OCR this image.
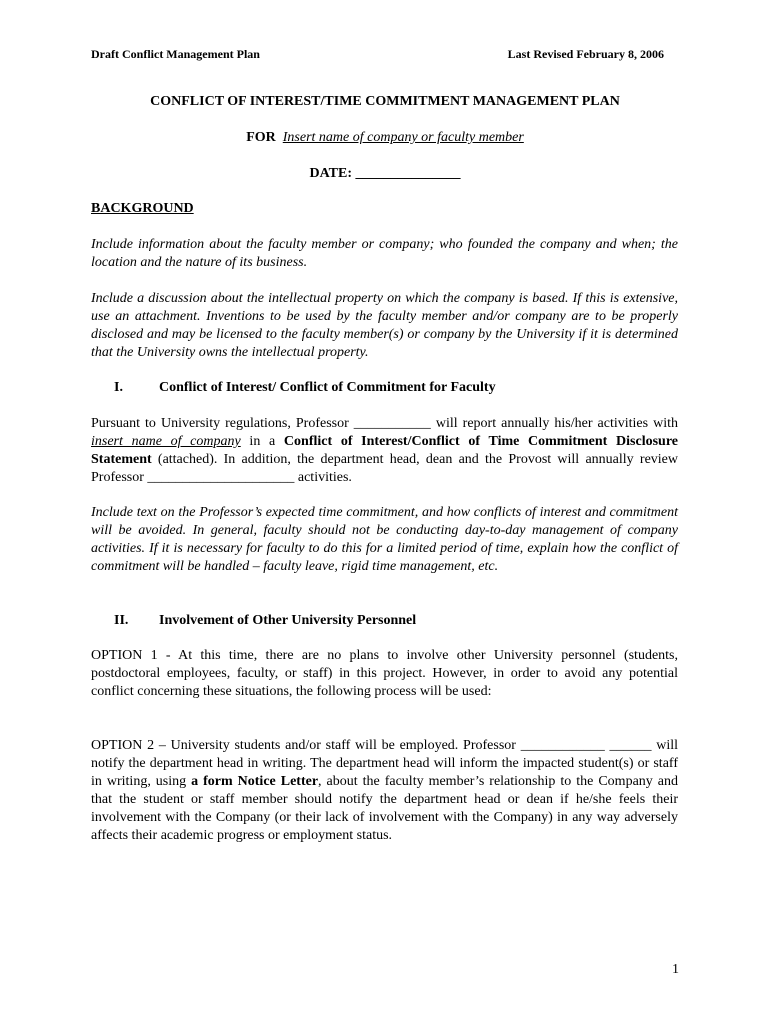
Draft Conflict Management Plan	Last Revised February 8, 2006
CONFLICT OF INTEREST/TIME COMMITMENT MANAGEMENT PLAN
FOR Insert name of company or faculty member
DATE: _______________
BACKGROUND
Include information about the faculty member or company; who founded the company and when; the location and the nature of its business.
Include a discussion about the intellectual property on which the company is based. If this is extensive, use an attachment. Inventions to be used by the faculty member and/or company are to be properly disclosed and may be licensed to the faculty member(s) or company by the University if it is determined that the University owns the intellectual property.
I.	Conflict of Interest/ Conflict of Commitment for Faculty
Pursuant to University regulations, Professor ___________ will report annually his/her activities with insert name of company in a Conflict of Interest/Conflict of Time Commitment Disclosure Statement (attached). In addition, the department head, dean and the Provost will annually review Professor _____________________ activities.
Include text on the Professor’s expected time commitment, and how conflicts of interest and commitment will be avoided. In general, faculty should not be conducting day-to-day management of company activities. If it is necessary for faculty to do this for a limited period of time, explain how the conflict of commitment will be handled – faculty leave, rigid time management, etc.
II. Involvement of Other University Personnel
OPTION 1 - At this time, there are no plans to involve other University personnel (students, postdoctoral employees, faculty, or staff) in this project. However, in order to avoid any potential conflict concerning these situations, the following process will be used:
OPTION 2 – University students and/or staff will be employed. Professor ____________ ______ will notify the department head in writing. The department head will inform the impacted student(s) or staff in writing, using a form Notice Letter, about the faculty member’s relationship to the Company and that the student or staff member should notify the department head or dean if he/she feels their involvement with the Company (or their lack of involvement with the Company) in any way adversely affects their academic progress or employment status.
1
